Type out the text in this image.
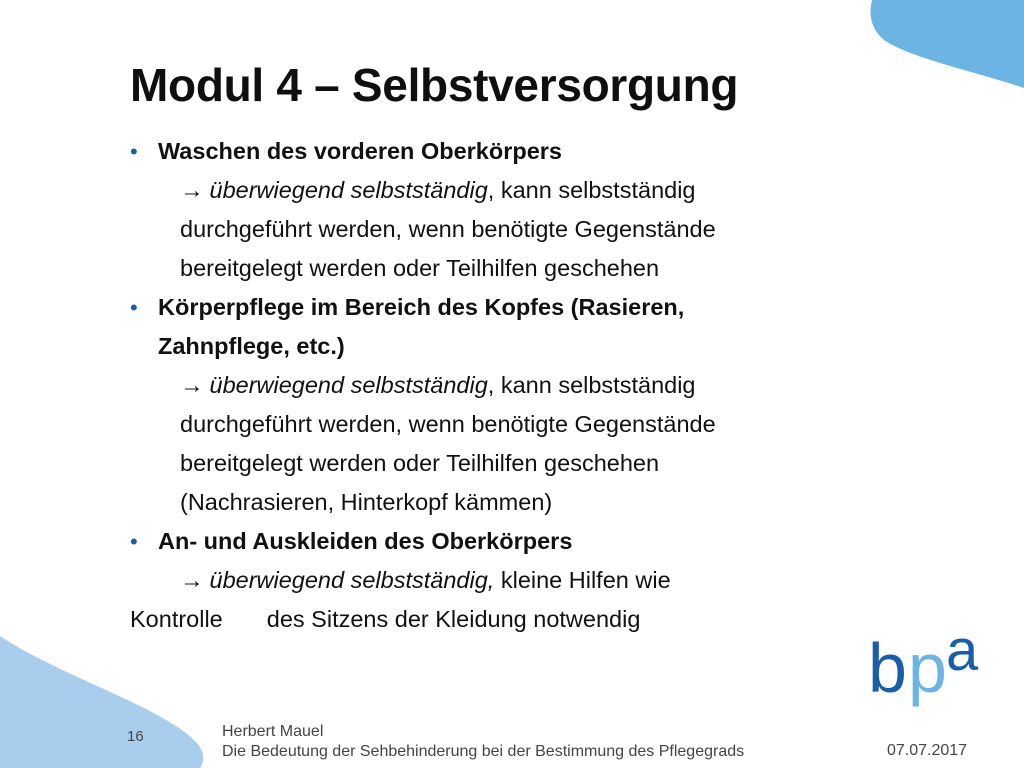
Modul 4 – Selbstversorgung
• Waschen des vorderen Oberkörpers
→ überwiegend selbstständig, kann selbstständig
durchgeführt werden, wenn benötigte Gegenstände
bereitgelegt werden oder Teilhilfen geschehen
• Körperpflege im Bereich des Kopfes (Rasieren,
Zahnpflege, etc.)
→ überwiegend selbstständig, kann selbstständig
durchgeführt werden, wenn benötigte Gegenstände
bereitgelegt werden oder Teilhilfen geschehen
(Nachrasieren, Hinterkopf kämmen)
• An- und Auskleiden des Oberkörpers
→ überwiegend selbstständig, kleine Hilfen wie
Kontrolle des Sitzens der Kleidung notwendig
b p a
16	Herbert Mauel
Die Bedeutung der Sehbehinderung bei der Bestimmung des Pflegegrads	07.07.2017
